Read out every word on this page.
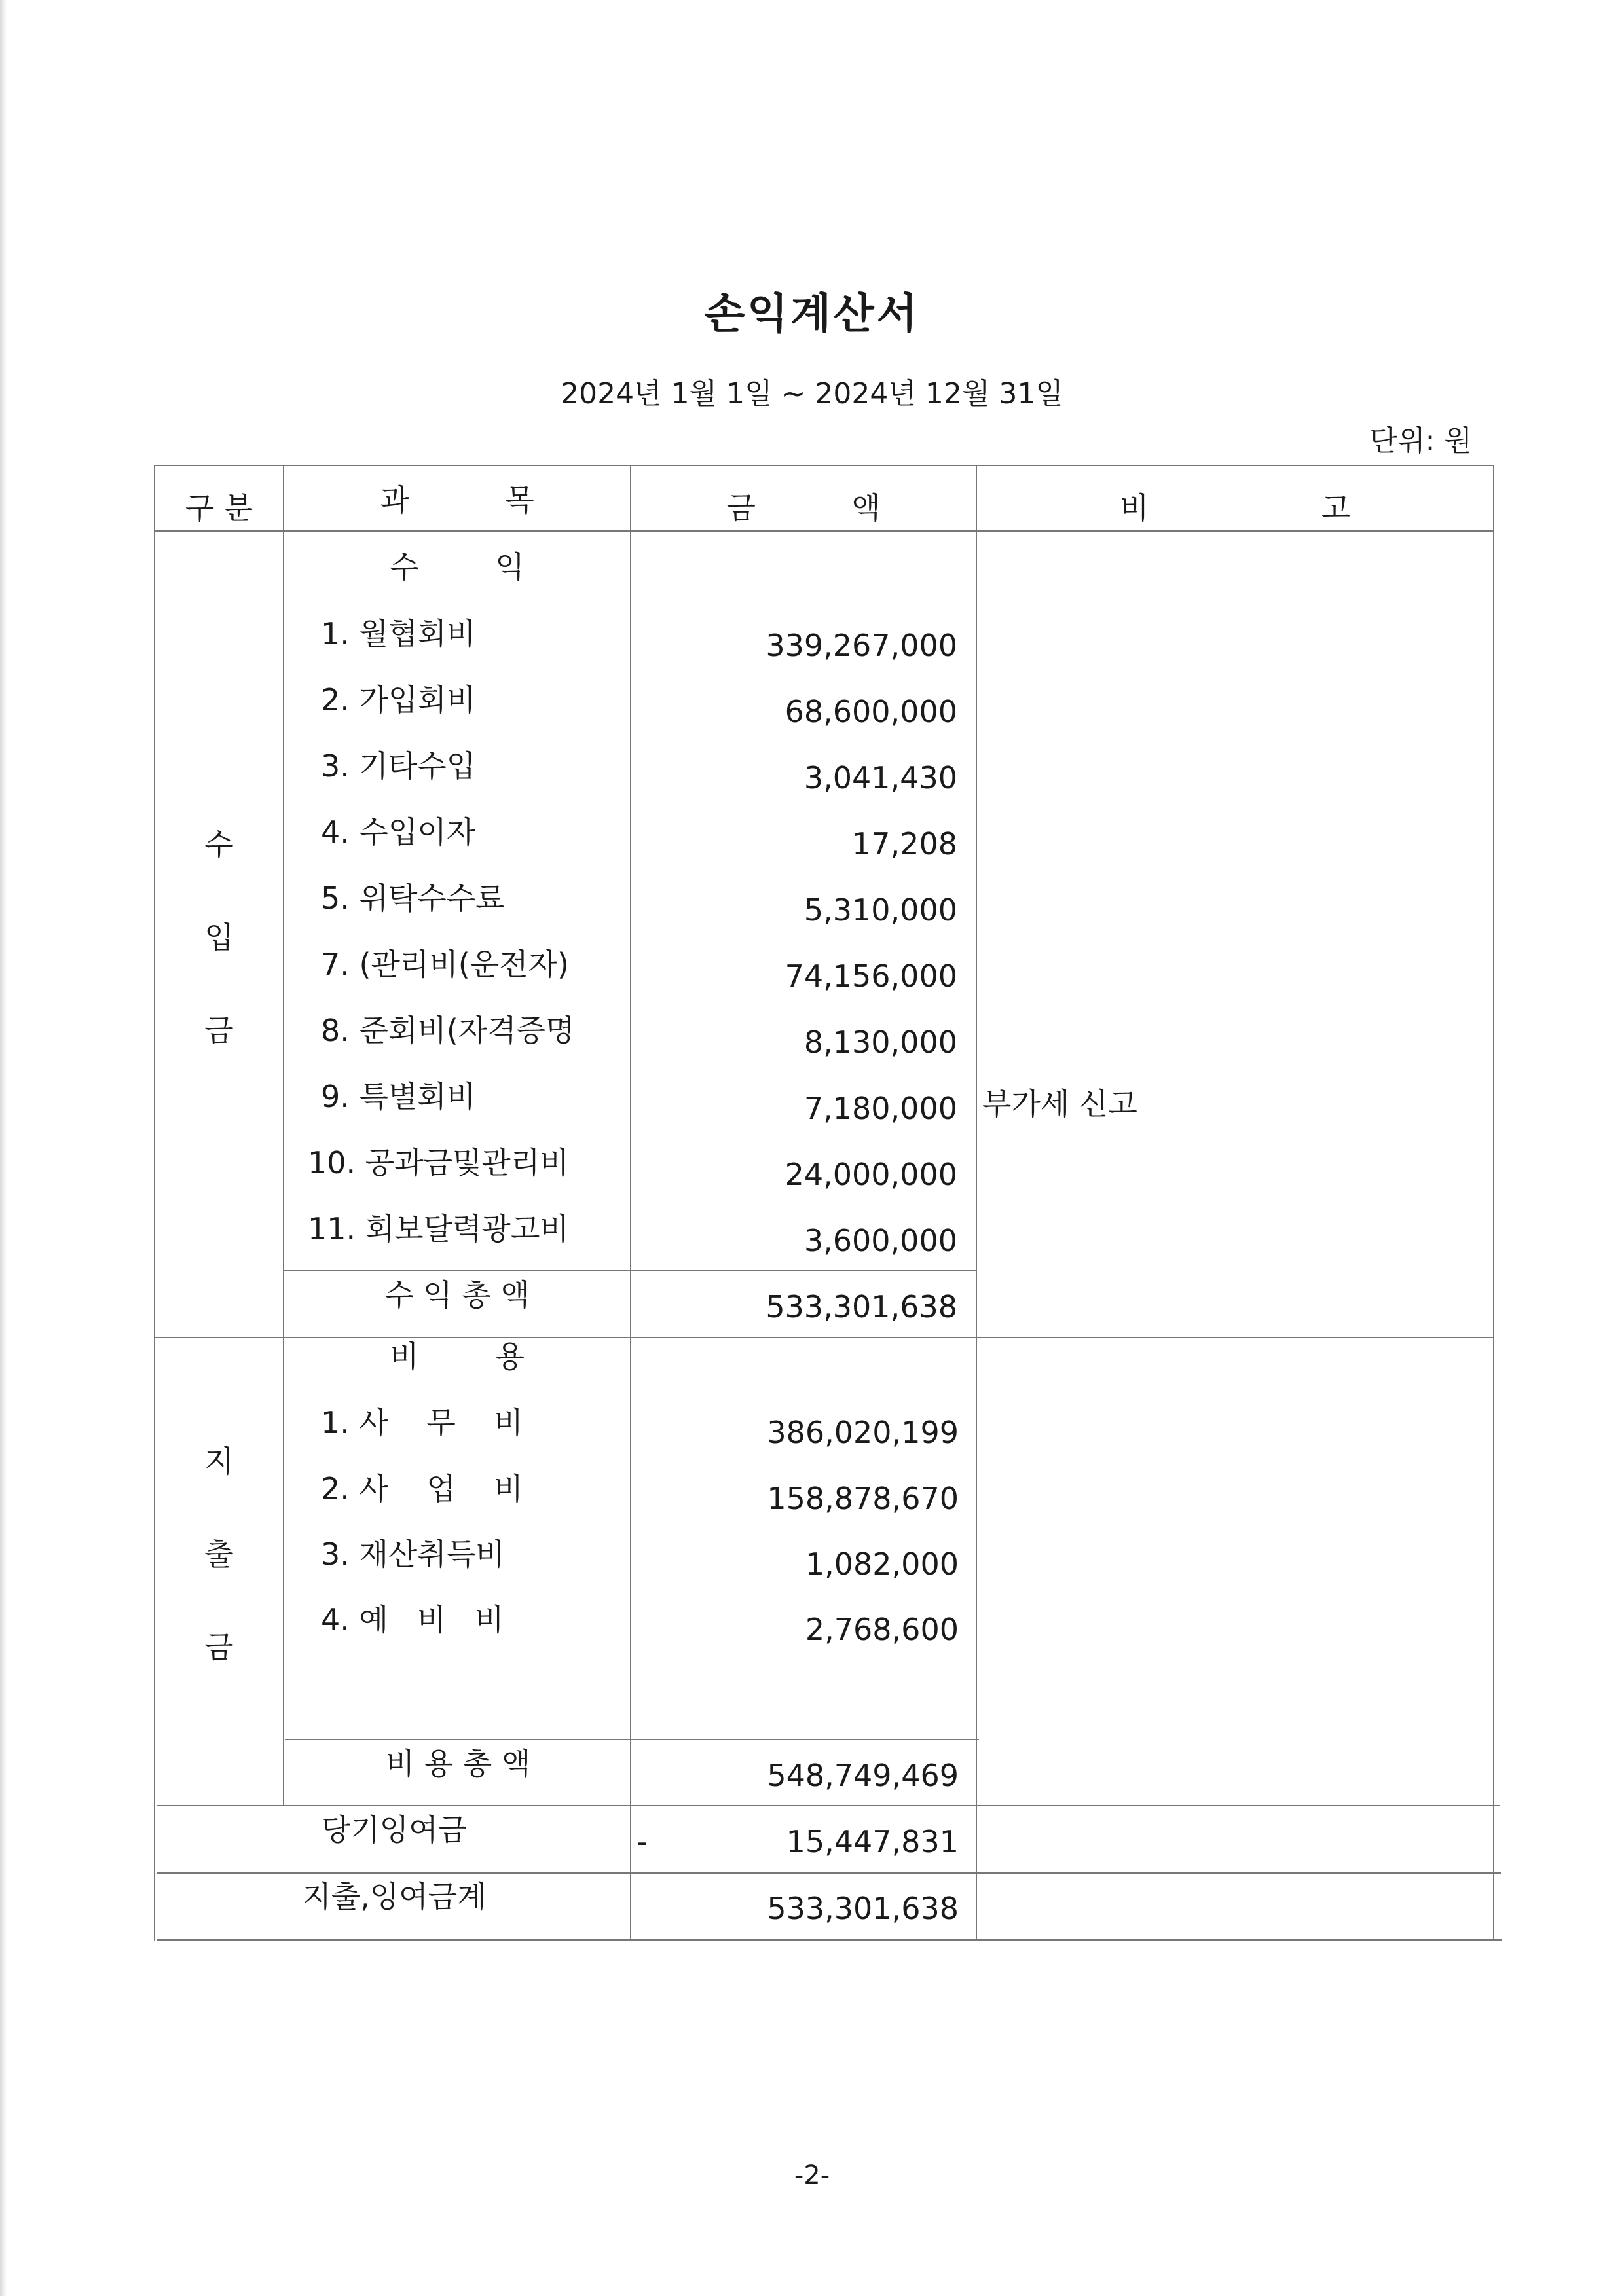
손익계산서
2024년 1월 1일 ~ 2024년 12월 31일
단위: 원
구 분	과          목	금          액	비                  고
수
입
금
수        익
1. 월협회비	339,267,000
2. 가입회비	68,600,000
3. 기타수입	3,041,430
4. 수입이자	17,208
5. 위탁수수료	5,310,000
7. (관리비(운전자)	74,156,000
8. 준회비(자격증명	8,130,000
9. 특별회비	7,180,000 부가세 신고
10. 공과금및관리비	24,000,000
11. 회보달력광고비	3,600,000
수 익 총 액	533,301,638
지
출
금
비        용
1. 사    무    비	386,020,199
2. 사    업    비	158,878,670
3. 재산취득비	1,082,000
4. 예   비   비	2,768,600
비 용 총 액	548,749,469
당기잉여금	-	15,447,831
지출,잉여금계	533,301,638
-2-
